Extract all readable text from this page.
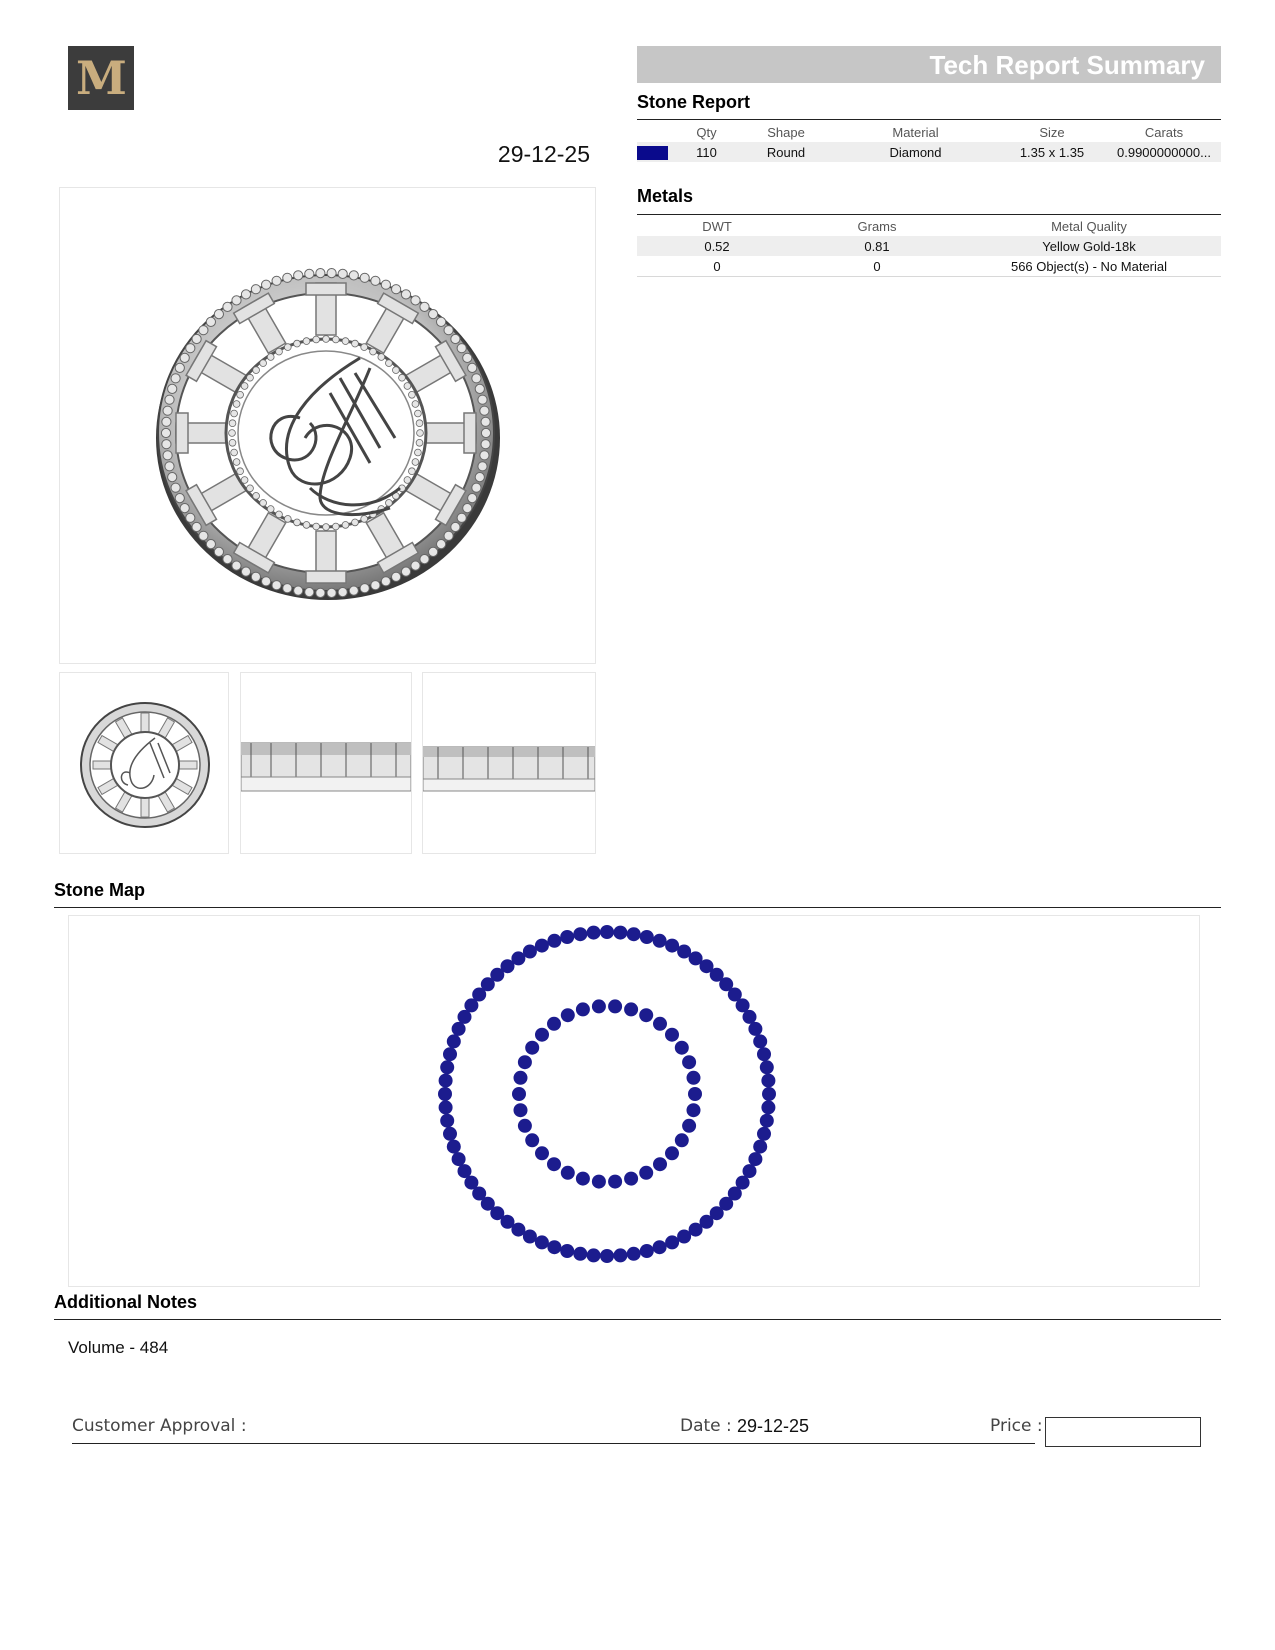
M
29-12-25
Tech Report Summary
Stone Report
	Qty	Shape	Material	Size	Carats
	110	Round	Diamond	1.35 x 1.35	0.9900000000...
Metals
DWT	Grams	Metal Quality
0.52	0.81	Yellow Gold-18k
0	0	566 Object(s) - No Material
Stone Map
Additional Notes
Volume - 484
Customer Approval :	Date : 29-12-25	Price :
